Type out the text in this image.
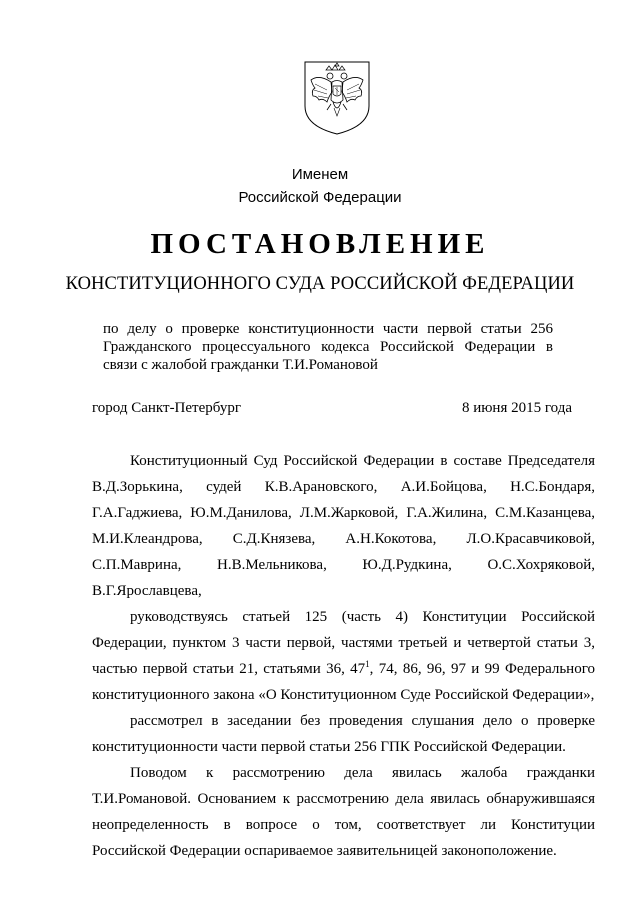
Именем
Российской Федерации
ПОСТАНОВЛЕНИЕ
КОНСТИТУЦИОННОГО СУДА РОССИЙСКОЙ ФЕДЕРАЦИИ
по делу о проверке конституционности части первой статьи 256
Гражданского процессуального кодекса Российской Федерации в
связи с жалобой гражданки Т.И.Романовой
город Санкт-Петербург	8 июня 2015 года
Конституционный Суд Российской Федерации в составе Председателя
В.Д.Зорькина, судей К.В.Арановского, А.И.Бойцова, Н.С.Бондаря,
Г.А.Гаджиева, Ю.М.Данилова, Л.М.Жарковой, Г.А.Жилина, С.М.Казанцева,
М.И.Клеандрова, С.Д.Князева, А.Н.Кокотова, Л.О.Красавчиковой,
С.П.Маврина, Н.В.Мельникова, Ю.Д.Рудкина, О.С.Хохряковой,
В.Г.Ярославцева,
руководствуясь статьей 125 (часть 4) Конституции Российской
Федерации, пунктом 3 части первой, частями третьей и четвертой статьи 3,
частью первой статьи 21, статьями 36, $47^1$, 74, 86, 96, 97 и 99 Федерального
конституционного закона «О Конституционном Суде Российской Федерации»,
рассмотрел в заседании без проведения слушания дело о проверке
конституционности части первой статьи 256 ГПК Российской Федерации.
Поводом к рассмотрению дела явилась жалоба гражданки
Т.И.Романовой. Основанием к рассмотрению дела явилась обнаружившаяся
неопределенность в вопросе о том, соответствует ли Конституции
Российской Федерации оспариваемое заявительницей законоположение.
